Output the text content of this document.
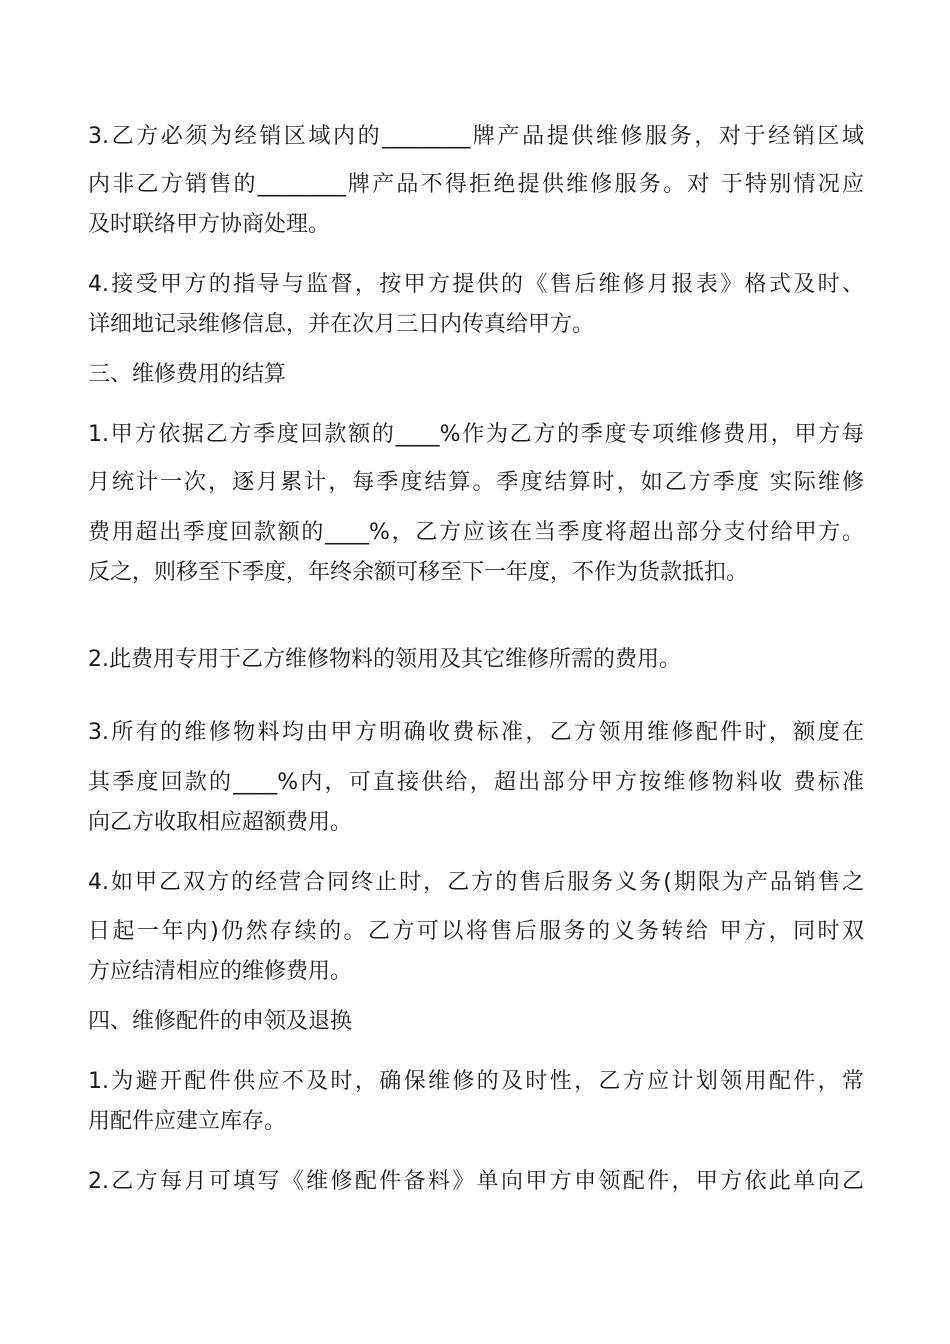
3.乙方必须为经销区域内的________牌产品提供维修服务，对于经销区域
内非乙方销售的________牌产品不得拒绝提供维修服务。对 于特别情况应
及时联络甲方协商处理。
4.接受甲方的指导与监督，按甲方提供的《售后维修月报表》格式及时、
详细地记录维修信息，并在次月三日内传真给甲方。
三、维修费用的结算
1.甲方依据乙方季度回款额的____%作为乙方的季度专项维修费用，甲方每
月统计一次，逐月累计，每季度结算。季度结算时，如乙方季度 实际维修
费用超出季度回款额的____%，乙方应该在当季度将超出部分支付给甲方。
反之，则移至下季度，年终余额可移至下一年度，不作为货款抵扣。
2.此费用专用于乙方维修物料的领用及其它维修所需的费用。
3.所有的维修物料均由甲方明确收费标准，乙方领用维修配件时，额度在
其季度回款的____%内，可直接供给，超出部分甲方按维修物料收 费标准
向乙方收取相应超额费用。
4.如甲乙双方的经营合同终止时，乙方的售后服务义务(期限为产品销售之
日起一年内)仍然存续的。乙方可以将售后服务的义务转给 甲方，同时双
方应结清相应的维修费用。
四、维修配件的申领及退换
1.为避开配件供应不及时，确保维修的及时性，乙方应计划领用配件，常
用配件应建立库存。
2.乙方每月可填写《维修配件备料》单向甲方申领配件，甲方依此单向乙
